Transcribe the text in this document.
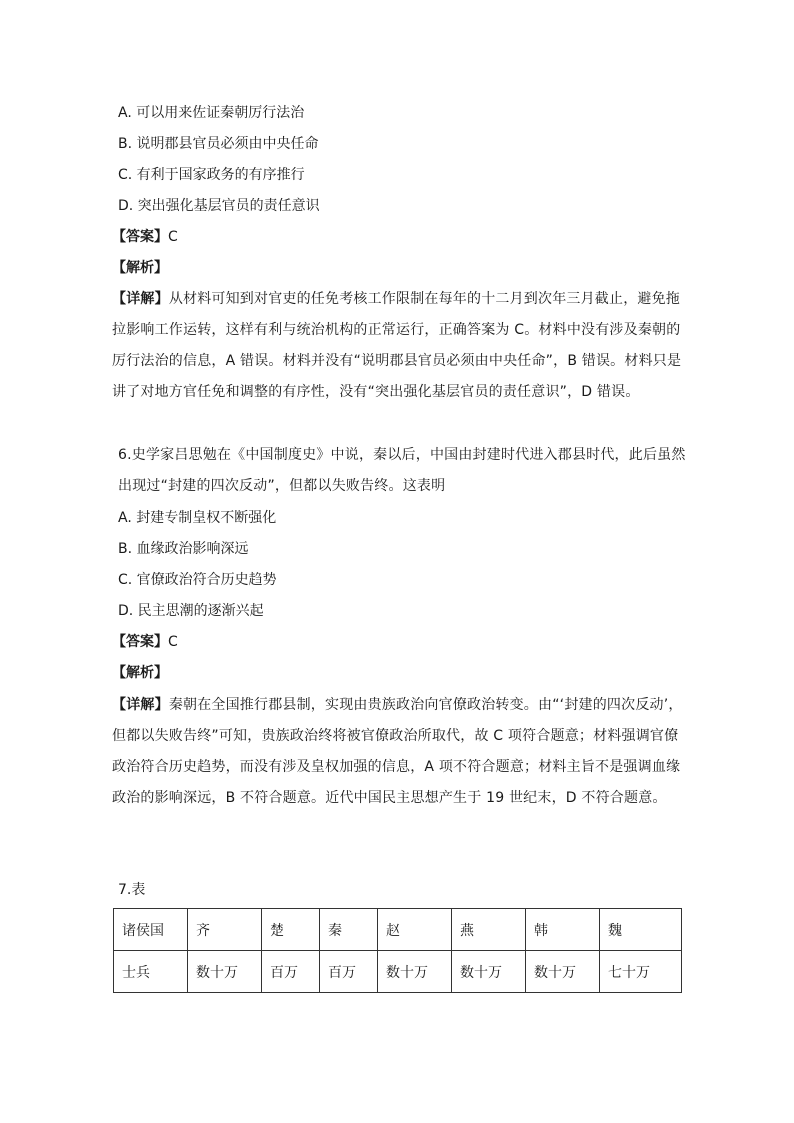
A. 可以用来佐证秦朝厉行法治
B. 说明郡县官员必须由中央任命
C. 有利于国家政务的有序推行
D. 突出强化基层官员的责任意识
【答案】C
【解析】
【详解】从材料可知到对官吏的任免考核工作限制在每年的十二月到次年三月截止，避免拖拉影响工作运转，这样有利与统治机构的正常运行，正确答案为 C。材料中没有涉及秦朝的厉行法治的信息，A 错误。材料并没有“说明郡县官员必须由中央任命”，B 错误。材料只是讲了对地方官任免和调整的有序性，没有“突出强化基层官员的责任意识”，D 错误。
6.史学家吕思勉在《中国制度史》中说，秦以后，中国由封建时代进入郡县时代，此后虽然出现过“封建的四次反动”，但都以失败告终。这表明
A. 封建专制皇权不断强化
B. 血缘政治影响深远
C. 官僚政治符合历史趋势
D. 民主思潮的逐渐兴起
【答案】C
【解析】
【详解】秦朝在全国推行郡县制，实现由贵族政治向官僚政治转变。由“‘封建的四次反动’，但都以失败告终”可知，贵族政治终将被官僚政治所取代，故 C 项符合题意；材料强调官僚政治符合历史趋势，而没有涉及皇权加强的信息，A 项不符合题意；材料主旨不是强调血缘政治的影响深远，B 不符合题意。近代中国民主思想产生于 19 世纪末，D 不符合题意。
7.表
诸侯国	齐	楚	秦	赵	燕	韩	魏
士兵	数十万	百万	百万	数十万	数十万	数十万	七十万
